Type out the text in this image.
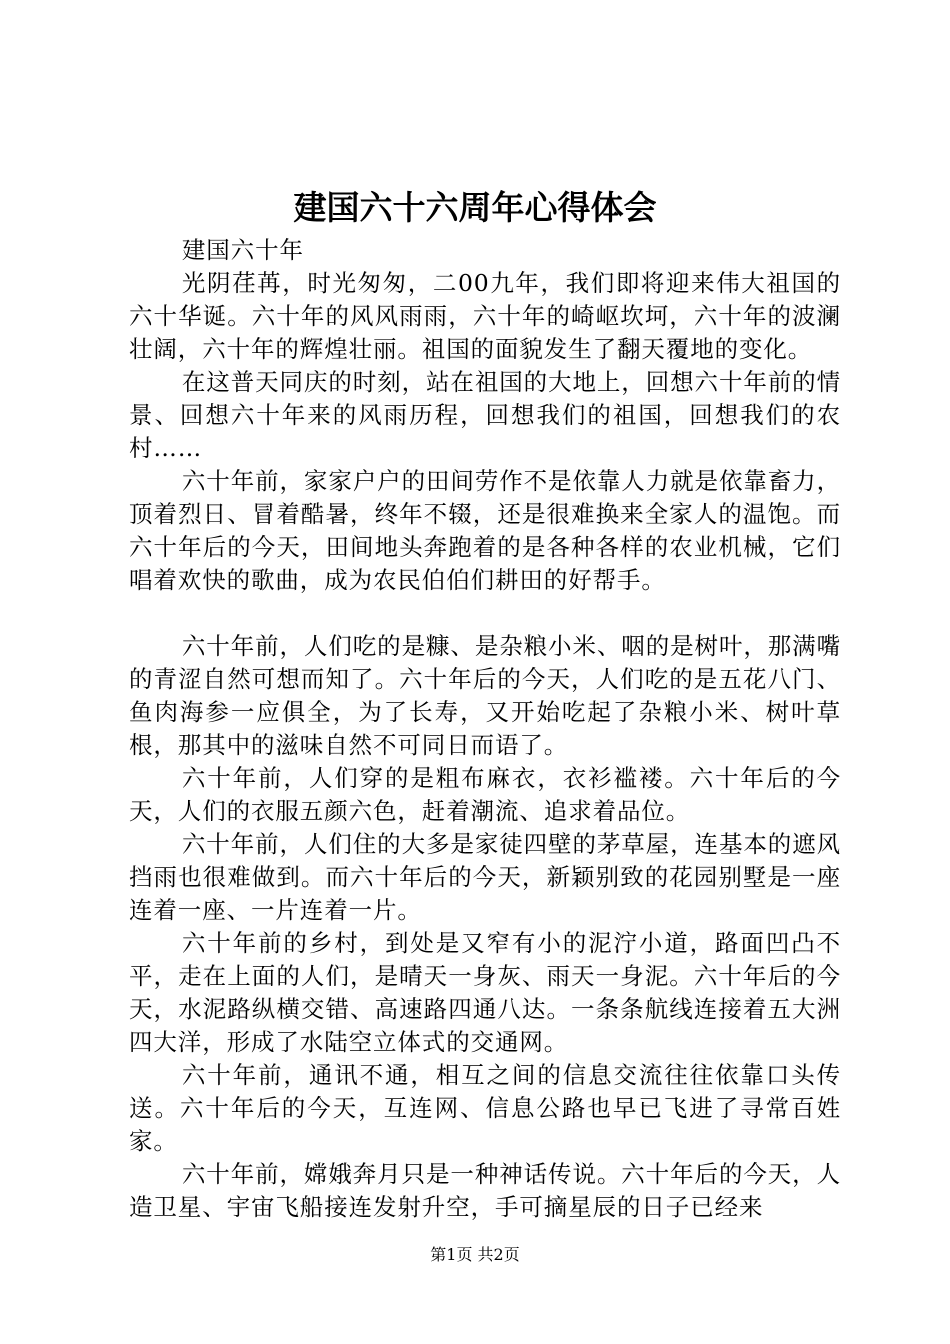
建国六十六周年心得体会

建国六十年

光阴荏苒，时光匆匆，二00九年，我们即将迎来伟大祖国的六十华诞。六十年的风风雨雨，六十年的崎岖坎坷，六十年的波澜壮阔，六十年的辉煌壮丽。祖国的面貌发生了翻天覆地的变化。

在这普天同庆的时刻，站在祖国的大地上，回想六十年前的情景、回想六十年来的风雨历程，回想我们的祖国，回想我们的农村……

六十年前，家家户户的田间劳作不是依靠人力就是依靠畜力，顶着烈日、冒着酷暑，终年不辍，还是很难换来全家人的温饱。而六十年后的今天，田间地头奔跑着的是各种各样的农业机械，它们唱着欢快的歌曲，成为农民伯伯们耕田的好帮手。

六十年前，人们吃的是糠、是杂粮小米、咽的是树叶，那满嘴的青涩自然可想而知了。六十年后的今天，人们吃的是五花八门、鱼肉海参一应俱全，为了长寿，又开始吃起了杂粮小米、树叶草根，那其中的滋味自然不可同日而语了。

六十年前，人们穿的是粗布麻衣，衣衫褴褛。六十年后的今天，人们的衣服五颜六色，赶着潮流、追求着品位。

六十年前，人们住的大多是家徒四壁的茅草屋，连基本的遮风挡雨也很难做到。而六十年后的今天，新颖别致的花园别墅是一座连着一座、一片连着一片。

六十年前的乡村，到处是又窄有小的泥泞小道，路面凹凸不平，走在上面的人们，是晴天一身灰、雨天一身泥。六十年后的今天，水泥路纵横交错、高速路四通八达。一条条航线连接着五大洲四大洋，形成了水陆空立体式的交通网。

六十年前，通讯不通，相互之间的信息交流往往依靠口头传送。六十年后的今天，互连网、信息公路也早已飞进了寻常百姓家。

六十年前，嫦娥奔月只是一种神话传说。六十年后的今天，人造卫星、宇宙飞船接连发射升空，手可摘星辰的日子已经来

第1页 共2页
